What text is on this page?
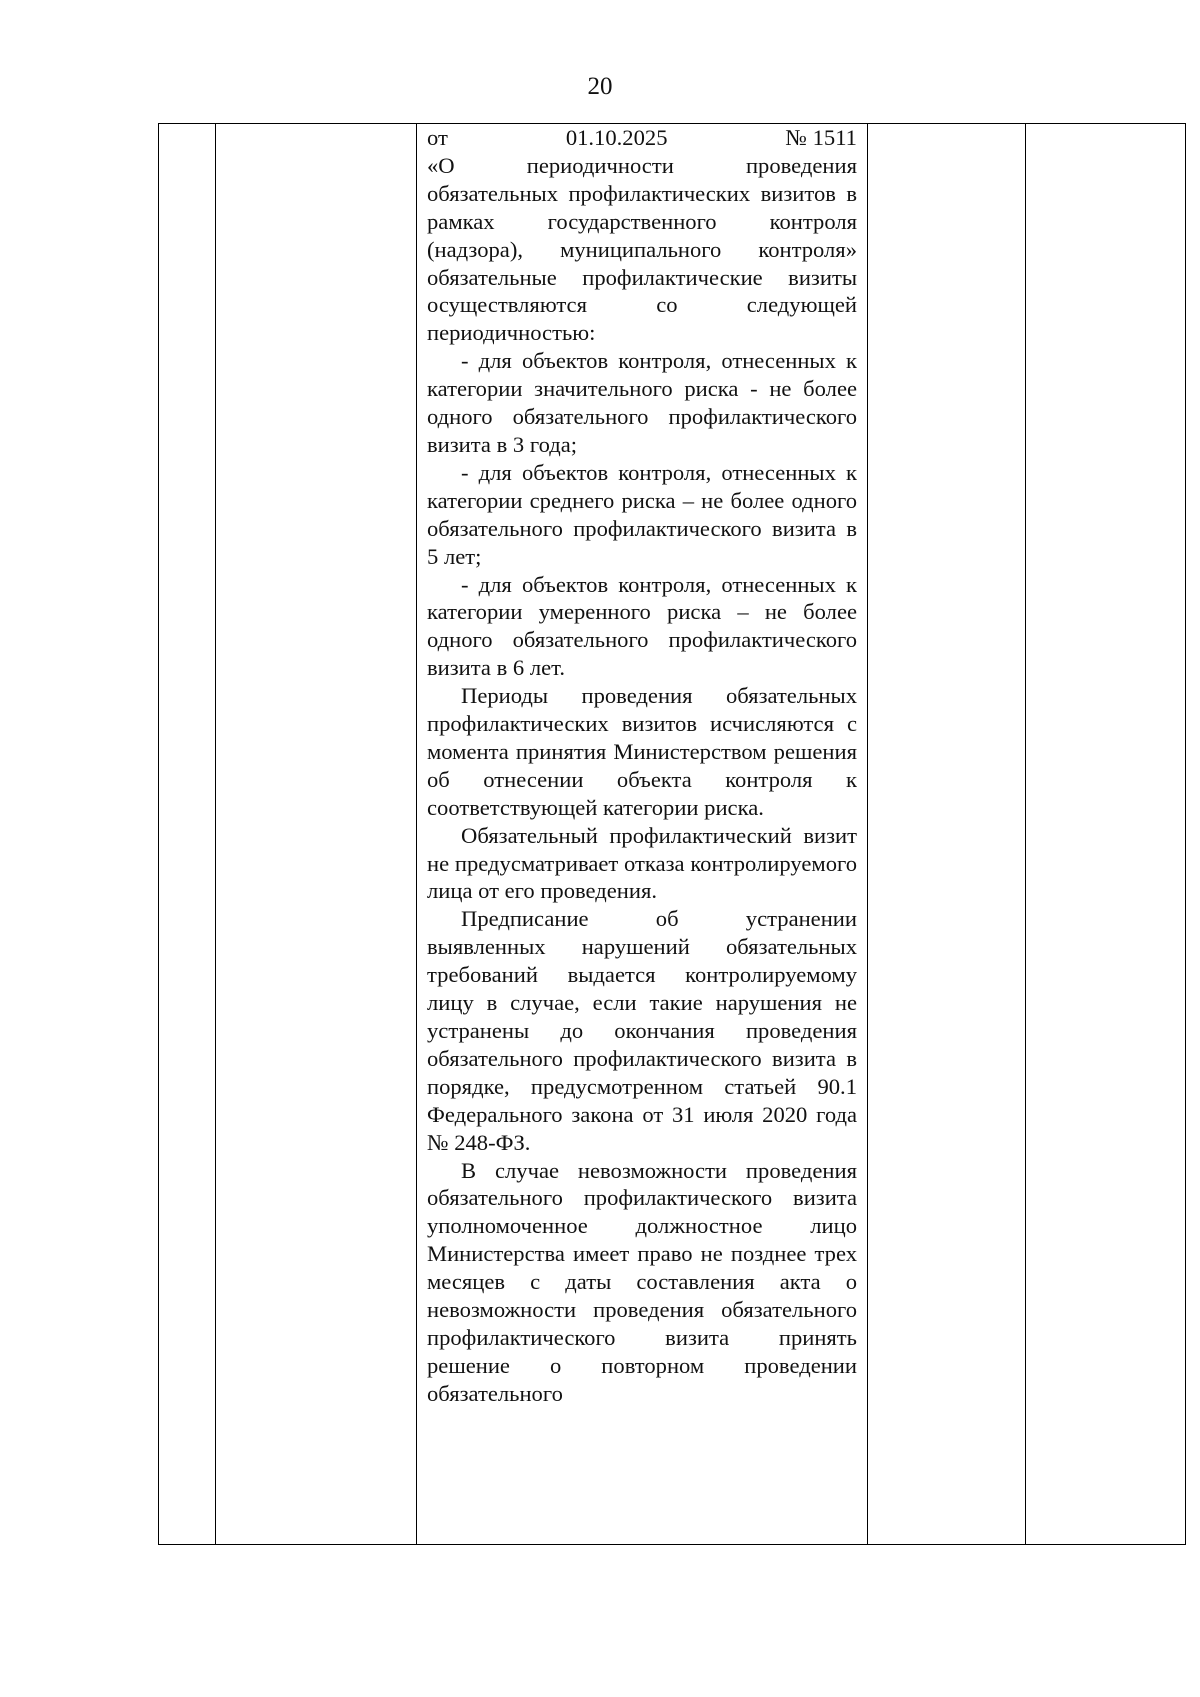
20

от	01.10.2025	№ 1511

«О периодичности проведения обязательных профилактических визитов в рамках государственного контроля (надзора), муниципального контроля» обязательные профилактические визиты осуществляются со следующей периодичностью:

- для объектов контроля, отнесенных к категории значительного риска - не более одного обязательного профилактического визита в 3 года;

- для объектов контроля, отнесенных к категории среднего риска – не более одного обязательного профилактического визита в 5 лет;

- для объектов контроля, отнесенных к категории умеренного риска – не более одного обязательного профилактического визита в 6 лет.

Периоды проведения обязательных профилактических визитов исчисляются с момента принятия Министерством решения об отнесении объекта контроля к соответствующей категории риска.

Обязательный профилактический визит не предусматривает отказа контролируемого лица от его проведения.

Предписание об устранении выявленных нарушений обязательных требований выдается контролируемому лицу в случае, если такие нарушения не устранены до окончания проведения обязательного профилактического визита в порядке, предусмотренном статьей 90.1 Федерального закона от 31 июля 2020 года № 248-ФЗ.

В случае невозможности проведения обязательного профилактического визита уполномоченное должностное лицо Министерства имеет право не позднее трех месяцев с даты составления акта о невозможности проведения обязательного профилактического визита принять решение о повторном проведении обязательного
